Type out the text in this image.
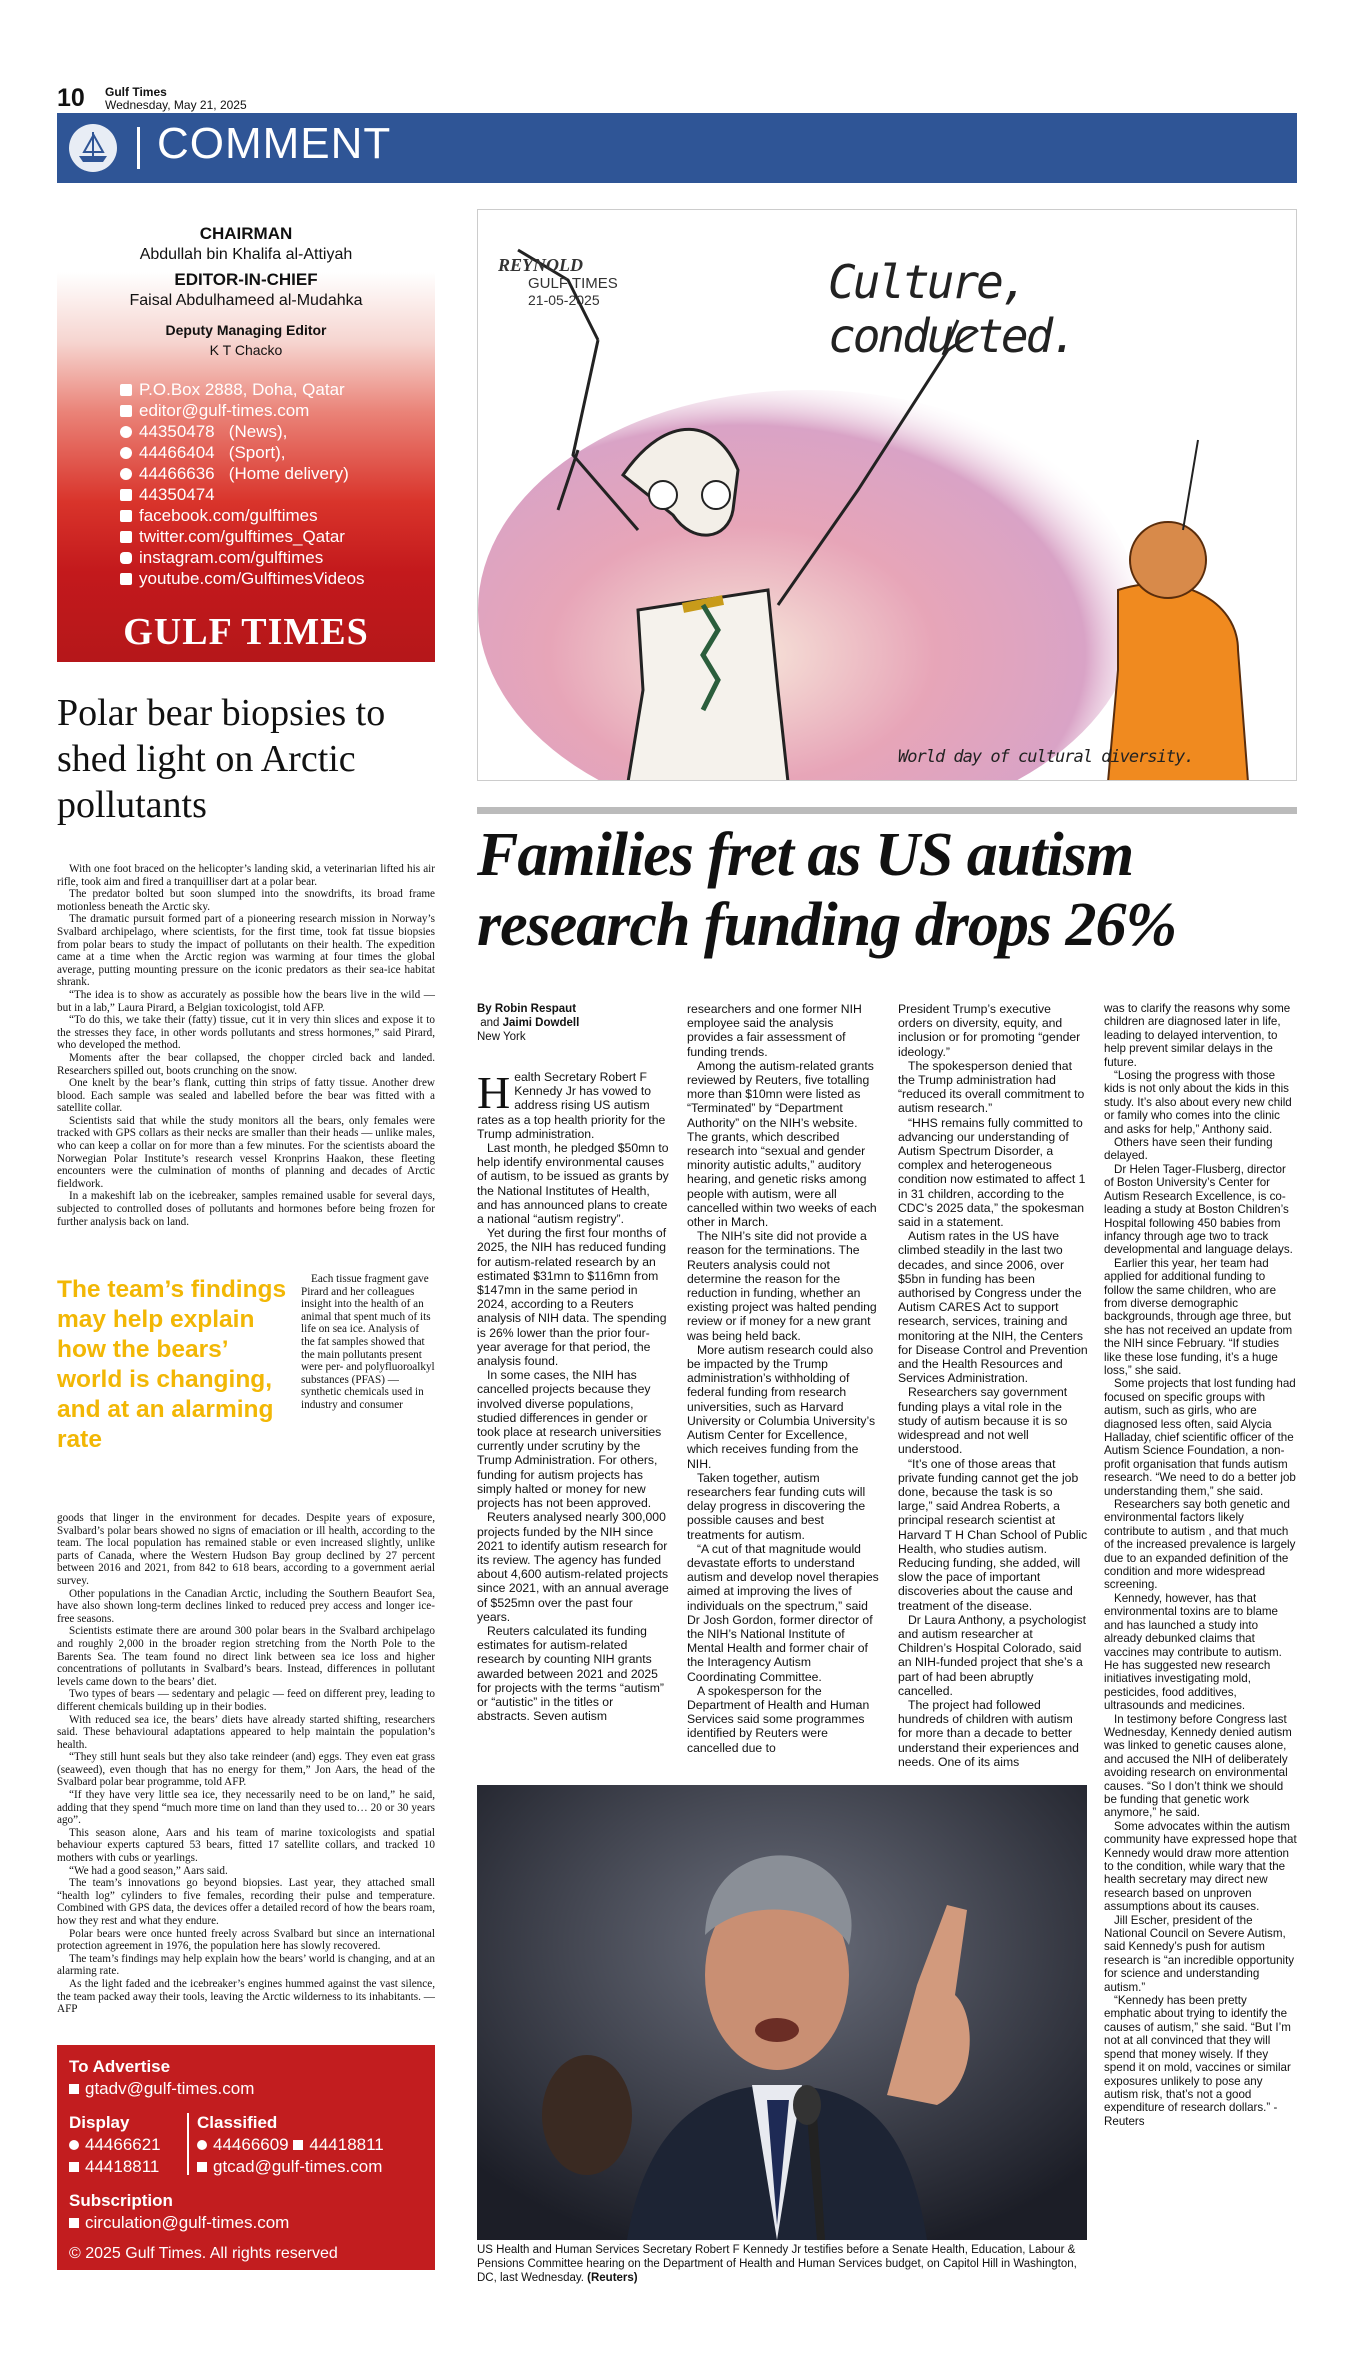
10 Gulf Times
Wednesday, May 21, 2025
COMMENT
CHAIRMAN
Abdullah bin Khalifa al-Attiyah
EDITOR-IN-CHIEF
Faisal Abdulhameed al-Mudahka
Deputy Managing Editor
K T Chacko
P.O.Box 2888, Doha, Qatar
editor@gulf-times.com
44350478   (News),
44466404   (Sport),
44466636   (Home delivery)
44350474
facebook.com/gulftimes
twitter.com/gulftimes_Qatar
instagram.com/gulftimes
youtube.com/GulftimesVideos
GULF TIMES
Polar bear biopsies to shed light on Arctic pollutants

With one foot braced on the helicopter’s landing skid, a veterinarian lifted his air rifle, took aim and fired a tranquilliser dart at a polar bear.

The predator bolted but soon slumped into the snowdrifts, its broad frame motionless beneath the Arctic sky.

The dramatic pursuit formed part of a pioneering research mission in Norway’s Svalbard archipelago, where scientists, for the first time, took fat tissue biopsies from polar bears to study the impact of pollutants on their health. The expedition came at a time when the Arctic region was warming at four times the global average, putting mounting pressure on the iconic predators as their sea-ice habitat shrank.

“The idea is to show as accurately as possible how the bears live in the wild — but in a lab,” Laura Pirard, a Belgian toxicologist, told AFP.

“To do this, we take their (fatty) tissue, cut it in very thin slices and expose it to the stresses they face, in other words pollutants and stress hormones,” said Pirard, who developed the method.

Moments after the bear collapsed, the chopper circled back and landed. Researchers spilled out, boots crunching on the snow.

One knelt by the bear’s flank, cutting thin strips of fatty tissue. Another drew blood. Each sample was sealed and labelled before the bear was fitted with a satellite collar.

Scientists said that while the study monitors all the bears, only females were tracked with GPS collars as their necks are smaller than their heads — unlike males, who can keep a collar on for more than a few minutes. For the scientists aboard the Norwegian Polar Institute’s research vessel Kronprins Haakon, these fleeting encounters were the culmination of months of planning and decades of Arctic fieldwork.

In a makeshift lab on the icebreaker, samples remained usable for several days, subjected to controlled doses of pollutants and hormones before being frozen for further analysis back on land.

The team’s findings may help explain how the bears’ world is changing, and at an alarming rate

Each tissue fragment gave Pirard and her colleagues insight into the health of an animal that spent much of its life on sea ice. Analysis of the fat samples showed that the main pollutants present were per- and polyfluoroalkyl substances (PFAS) — synthetic chemicals used in industry and consumer

goods that linger in the environment for decades. Despite years of exposure, Svalbard’s polar bears showed no signs of emaciation or ill health, according to the team. The local population has remained stable or even increased slightly, unlike parts of Canada, where the Western Hudson Bay group declined by 27 percent between 2016 and 2021, from 842 to 618 bears, according to a government aerial survey.

Other populations in the Canadian Arctic, including the Southern Beaufort Sea, have also shown long-term declines linked to reduced prey access and longer ice-free seasons.

Scientists estimate there are around 300 polar bears in the Svalbard archipelago and roughly 2,000 in the broader region stretching from the North Pole to the Barents Sea. The team found no direct link between sea ice loss and higher concentrations of pollutants in Svalbard’s bears. Instead, differences in pollutant levels came down to the bears’ diet.

Two types of bears — sedentary and pelagic — feed on different prey, leading to different chemicals building up in their bodies.

With reduced sea ice, the bears’ diets have already started shifting, researchers said. These behavioural adaptations appeared to help maintain the population’s health.

“They still hunt seals but they also take reindeer (and) eggs. They even eat grass (seaweed), even though that has no energy for them,” Jon Aars, the head of the Svalbard polar bear programme, told AFP.

“If they have very little sea ice, they necessarily need to be on land,” he said, adding that they spend “much more time on land than they used to… 20 or 30 years ago”.

This season alone, Aars and his team of marine toxicologists and spatial behaviour experts captured 53 bears, fitted 17 satellite collars, and tracked 10 mothers with cubs or yearlings.

“We had a good season,” Aars said.

The team’s innovations go beyond biopsies. Last year, they attached small “health log” cylinders to five females, recording their pulse and temperature. Combined with GPS data, the devices offer a detailed record of how the bears roam, how they rest and what they endure.

Polar bears were once hunted freely across Svalbard but since an international protection agreement in 1976, the population here has slowly recovered.

The team’s findings may help explain how the bears’ world is changing, and at an alarming rate.

As the light faded and the icebreaker’s engines hummed against the vast silence, the team packed away their tools, leaving the Arctic wilderness to its inhabitants. — AFP

To Advertise
gtadv@gulf-times.com
Display
44466621
44418811
Classified
44466609 44418811
gtcad@gulf-times.com
Subscription
circulation@gulf-times.com
© 2025 Gulf Times. All rights reserved
REYNOLD
GULF TIMES
21-05-2025	Culture, conducted.
World day of cultural diversity.
Families fret as US autism research funding drops 26%
By Robin Respaut and Jaimi Dowdell
New York

Health Secretary Robert F Kennedy Jr has vowed to address rising US autism rates as a top health priority for the Trump administration.

Last month, he pledged $50mn to help identify environmental causes of autism, to be issued as grants by the National Institutes of Health, and has announced plans to create a national “autism registry”.

Yet during the first four months of 2025, the NIH has reduced funding for autism-related research by an estimated $31mn to $116mn from $147mn in the same period in 2024, according to a Reuters analysis of NIH data. The spending is 26% lower than the prior four-year average for that period, the analysis found.

In some cases, the NIH has cancelled projects because they involved diverse populations, studied differences in gender or took place at research universities currently under scrutiny by the Trump Administration. For others, funding for autism projects has simply halted or money for new projects has not been approved.

Reuters analysed nearly 300,000 projects funded by the NIH since 2021 to identify autism research for its review. The agency has funded about 4,600 autism-related projects since 2021, with an annual average of $525mn over the past four years.

Reuters calculated its funding estimates for autism-related research by counting NIH grants awarded between 2021 and 2025 for projects with the terms “autism” or “autistic” in the titles or abstracts. Seven autism

researchers and one former NIH employee said the analysis provides a fair assessment of funding trends.

Among the autism-related grants reviewed by Reuters, five totalling more than $10mn were listed as “Terminated” by “Department Authority” on the NIH’s website. The grants, which described research into “sexual and gender minority autistic adults,” auditory hearing, and genetic risks among people with autism, were all cancelled within two weeks of each other in March.

The NIH’s site did not provide a reason for the terminations. The Reuters analysis could not determine the reason for the reduction in funding, whether an existing project was halted pending review or if money for a new grant was being held back.

More autism research could also be impacted by the Trump administration’s withholding of federal funding from research universities, such as Harvard University or Columbia University’s Autism Center for Excellence, which receives funding from the NIH.

Taken together, autism researchers fear funding cuts will delay progress in discovering the possible causes and best treatments for autism.

“A cut of that magnitude would devastate efforts to understand autism and develop novel therapies aimed at improving the lives of individuals on the spectrum,” said Dr Josh Gordon, former director of the NIH’s National Institute of Mental Health and former chair of the Interagency Autism Coordinating Committee.

A spokesperson for the Department of Health and Human Services said some programmes identified by Reuters were cancelled due to

President Trump’s executive orders on diversity, equity, and inclusion or for promoting “gender ideology.”

The spokesperson denied that the Trump administration had “reduced its overall commitment to autism research.”

“HHS remains fully committed to advancing our understanding of Autism Spectrum Disorder, a complex and heterogeneous condition now estimated to affect 1 in 31 children, according to the CDC’s 2025 data,” the spokesman said in a statement.

Autism rates in the US have climbed steadily in the last two decades, and since 2006, over $5bn in funding has been authorised by Congress under the Autism CARES Act to support research, services, training and monitoring at the NIH, the Centers for Disease Control and Prevention and the Health Resources and Services Administration.

Researchers say government funding plays a vital role in the study of autism because it is so widespread and not well understood.

“It’s one of those areas that private funding cannot get the job done, because the task is so large,” said Andrea Roberts, a principal research scientist at Harvard T H Chan School of Public Health, who studies autism. Reducing funding, she added, will slow the pace of important discoveries about the cause and treatment of the disease.

Dr Laura Anthony, a psychologist and autism researcher at Children’s Hospital Colorado, said an NIH-funded project that she’s a part of had been abruptly cancelled.

The project had followed hundreds of children with autism for more than a decade to better understand their experiences and needs. One of its aims

was to clarify the reasons why some children are diagnosed later in life, leading to delayed intervention, to help prevent similar delays in the future.

“Losing the progress with those kids is not only about the kids in this study. It’s also about every new child or family who comes into the clinic and asks for help,” Anthony said.

Others have seen their funding delayed.

Dr Helen Tager-Flusberg, director of Boston University’s Center for Autism Research Excellence, is co-leading a study at Boston Children’s Hospital following 450 babies from infancy through age two to track developmental and language delays.

Earlier this year, her team had applied for additional funding to follow the same children, who are from diverse demographic backgrounds, through age three, but she has not received an update from the NIH since February. “If studies like these lose funding, it’s a huge loss,” she said.

Some projects that lost funding had focused on specific groups with autism, such as girls, who are diagnosed less often, said Alycia Halladay, chief scientific officer of the Autism Science Foundation, a non-profit organisation that funds autism research. “We need to do a better job understanding them,” she said.

Researchers say both genetic and environmental factors likely contribute to autism , and that much of the increased prevalence is largely due to an expanded definition of the condition and more widespread screening.

Kennedy, however, has that environmental toxins are to blame and has launched a study into already debunked claims that vaccines may contribute to autism. He has suggested new research initiatives investigating mold, pesticides, food additives, ultrasounds and medicines.

In testimony before Congress last Wednesday, Kennedy denied autism was linked to genetic causes alone, and accused the NIH of deliberately avoiding research on environmental causes. “So I don’t think we should be funding that genetic work anymore,” he said.

Some advocates within the autism community have expressed hope that Kennedy would draw more attention to the condition, while wary that the health secretary may direct new research based on unproven assumptions about its causes.

Jill Escher, president of the National Council on Severe Autism, said Kennedy’s push for autism research is “an incredible opportunity for science and understanding autism.”

“Kennedy has been pretty emphatic about trying to identify the causes of autism,” she said. “But I’m not at all convinced that they will spend that money wisely. If they spend it on mold, vaccines or similar exposures unlikely to pose any autism risk, that’s not a good expenditure of research dollars.” - Reuters

US Health and Human Services Secretary Robert F Kennedy Jr testifies before a Senate Health, Education, Labour & Pensions Committee hearing on the Department of Health and Human Services budget, on Capitol Hill in Washington, DC, last Wednesday. (Reuters)
